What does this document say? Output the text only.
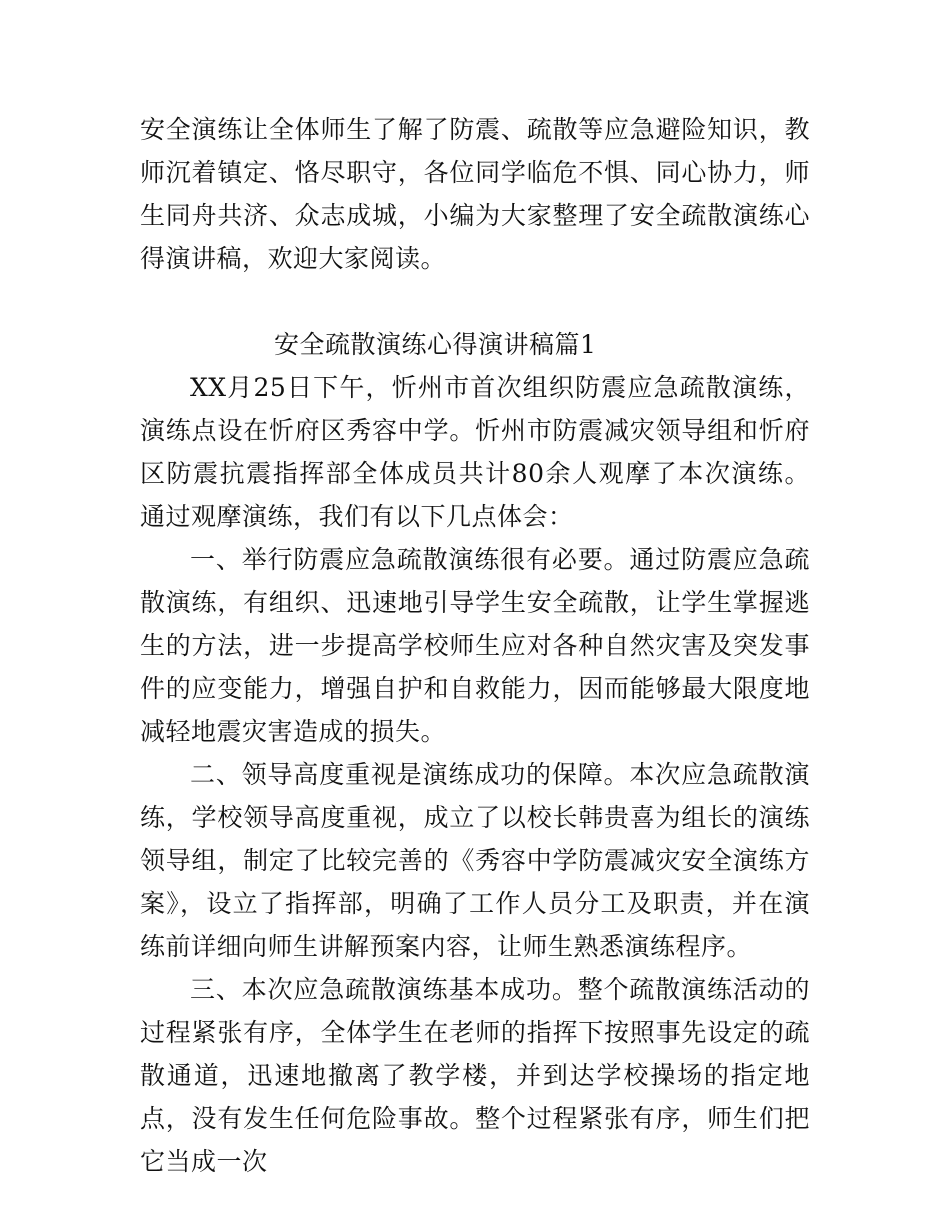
安全演练让全体师生了解了防震、疏散等应急避险知识，教师沉着镇定、恪尽职守，各位同学临危不惧、同心协力，师生同舟共济、众志成城，小编为大家整理了安全疏散演练心得演讲稿，欢迎大家阅读。

安全疏散演练心得演讲稿篇1

XX月25日下午，忻州市首次组织防震应急疏散演练，演练点设在忻府区秀容中学。忻州市防震减灾领导组和忻府区防震抗震指挥部全体成员共计80余人观摩了本次演练。通过观摩演练，我们有以下几点体会：

一、举行防震应急疏散演练很有必要。通过防震应急疏散演练，有组织、迅速地引导学生安全疏散，让学生掌握逃生的方法，进一步提高学校师生应对各种自然灾害及突发事件的应变能力，增强自护和自救能力，因而能够最大限度地减轻地震灾害造成的损失。

二、领导高度重视是演练成功的保障。本次应急疏散演练，学校领导高度重视，成立了以校长韩贵喜为组长的演练领导组，制定了比较完善的《秀容中学防震减灾安全演练方案》，设立了指挥部，明确了工作人员分工及职责，并在演练前详细向师生讲解预案内容，让师生熟悉演练程序。

三、本次应急疏散演练基本成功。整个疏散演练活动的过程紧张有序，全体学生在老师的指挥下按照事先设定的疏散通道，迅速地撤离了教学楼，并到达学校操场的指定地点，没有发生任何危险事故。整个过程紧张有序，师生们把它当成一次
